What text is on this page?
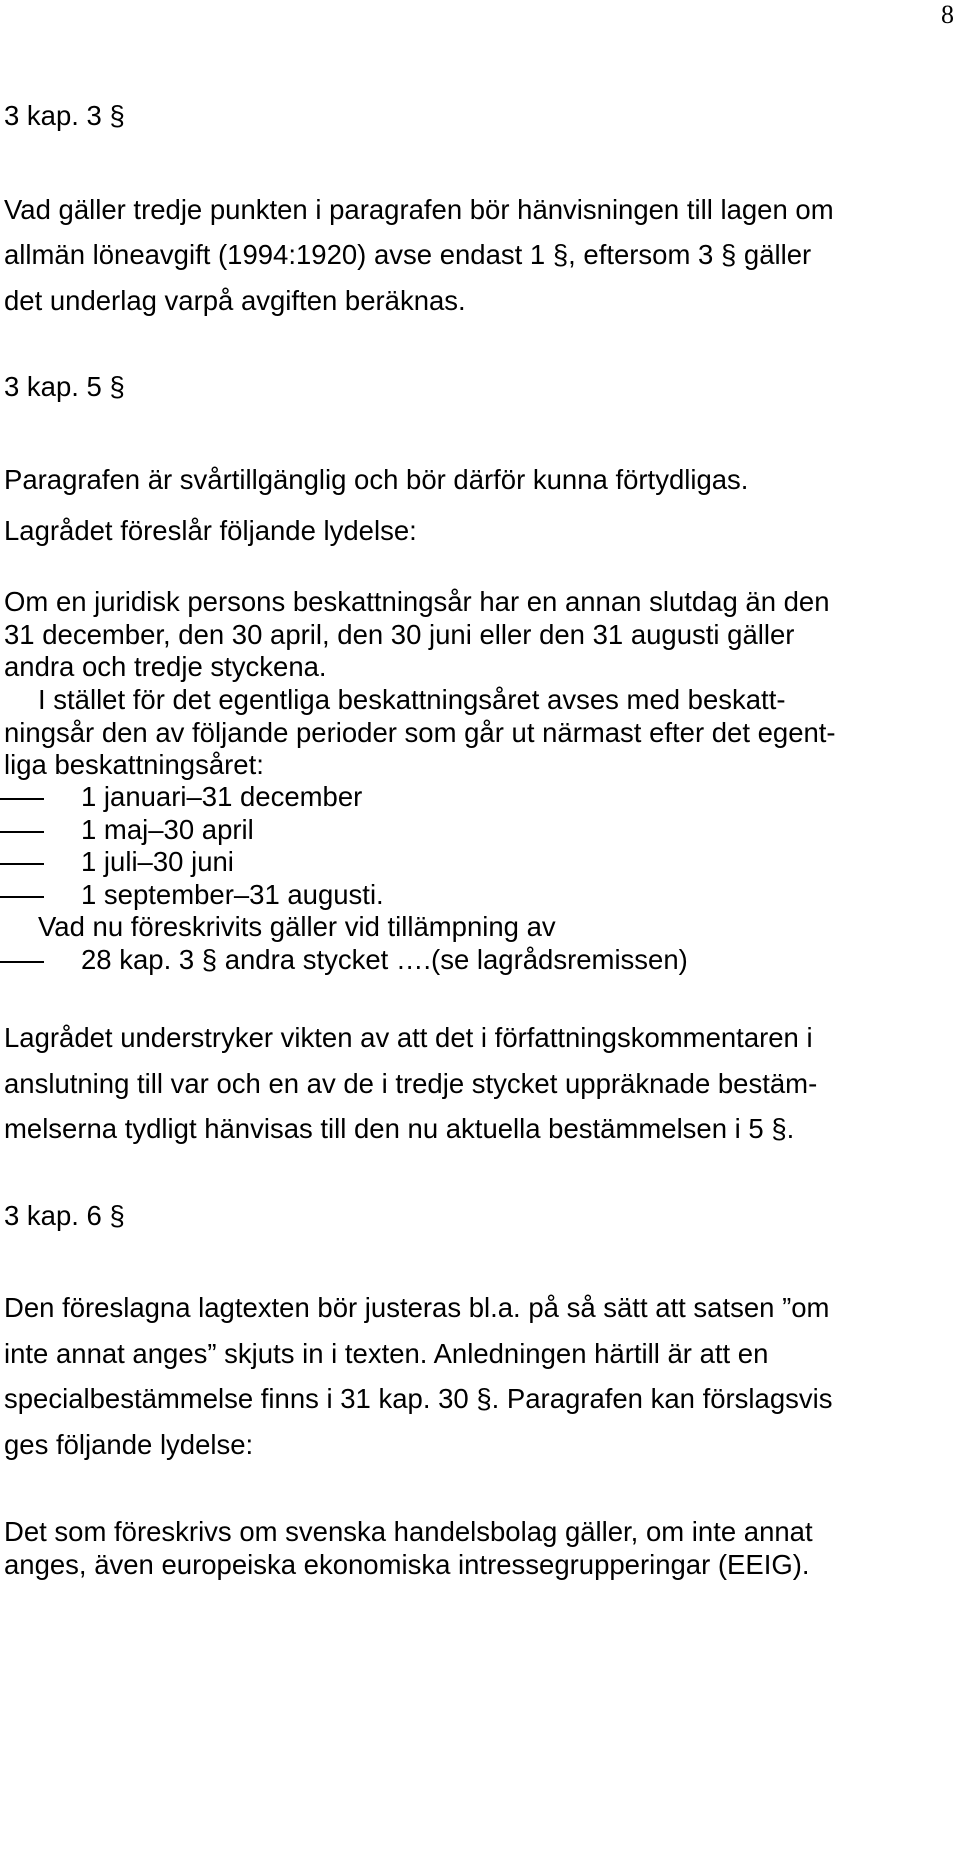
8
3 kap. 3 §
Vad gäller tredje punkten i paragrafen bör hänvisningen till lagen om
allmän löneavgift (1994:1920) avse endast 1 §, eftersom 3 § gäller
det underlag varpå avgiften beräknas.
3 kap. 5 §
Paragrafen är svårtillgänglig och bör därför kunna förtydligas.
Lagrådet föreslår följande lydelse:
Om en juridisk persons beskattningsår har en annan slutdag än den
31 december, den 30 april, den 30 juni eller den 31 augusti gäller
andra och tredje styckena.
I stället för det egentliga beskattningsåret avses med beskatt-
ningsår den av följande perioder som går ut närmast efter det egent-
liga beskattningsåret:
1 januari–31 december
1 maj–30 april
1 juli–30 juni
1 september–31 augusti.
Vad nu föreskrivits gäller vid tillämpning av
28 kap. 3 § andra stycket ….(se lagrådsremissen)
Lagrådet understryker vikten av att det i författningskommentaren i
anslutning till var och en av de i tredje stycket uppräknade bestäm-
melserna tydligt hänvisas till den nu aktuella bestämmelsen i 5 §.
3 kap. 6 §
Den föreslagna lagtexten bör justeras bl.a. på så sätt att satsen ”om
inte annat anges” skjuts in i texten. Anledningen härtill är att en
specialbestämmelse finns i 31 kap. 30 §. Paragrafen kan förslagsvis
ges följande lydelse:
Det som föreskrivs om svenska handelsbolag gäller, om inte annat
anges, även europeiska ekonomiska intressegrupperingar (EEIG).
